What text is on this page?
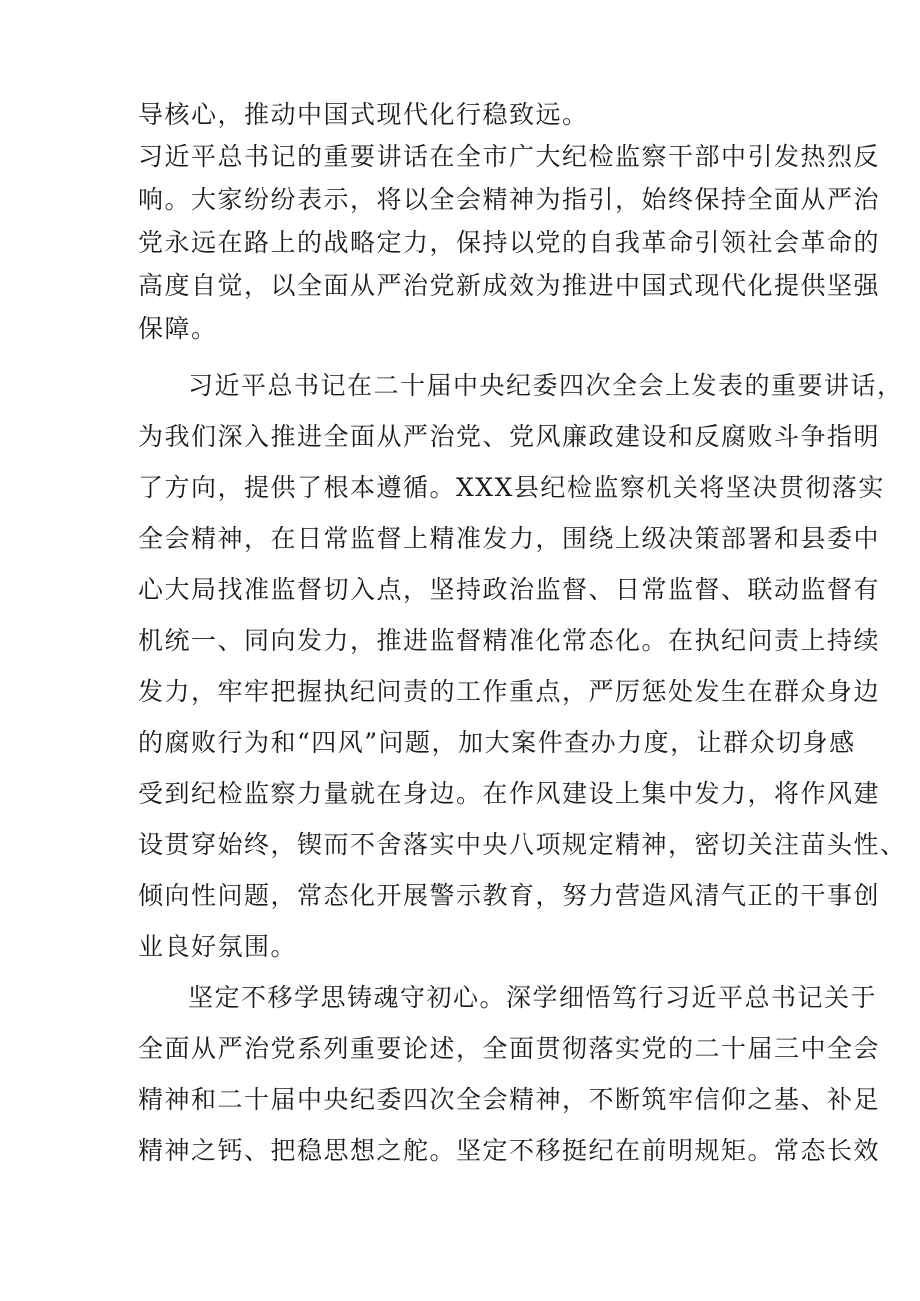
导核心，推动中国式现代化行稳致远。
习近平总书记的重要讲话在全市广大纪检监察干部中引发热烈反
响。大家纷纷表示，将以全会精神为指引，始终保持全面从严治
党永远在路上的战略定力，保持以党的自我革命引领社会革命的
高度自觉，以全面从严治党新成效为推进中国式现代化提供坚强
保障。
习近平总书记在二十届中央纪委四次全会上发表的重要讲话，
为我们深入推进全面从严治党、党风廉政建设和反腐败斗争指明
了方向，提供了根本遵循。XXX县纪检监察机关将坚决贯彻落实
全会精神，在日常监督上精准发力，围绕上级决策部署和县委中
心大局找准监督切入点，坚持政治监督、日常监督、联动监督有
机统一、同向发力，推进监督精准化常态化。在执纪问责上持续
发力，牢牢把握执纪问责的工作重点，严厉惩处发生在群众身边
的腐败行为和“四风”问题，加大案件查办力度，让群众切身感
受到纪检监察力量就在身边。在作风建设上集中发力，将作风建
设贯穿始终，锲而不舍落实中央八项规定精神，密切关注苗头性、
倾向性问题，常态化开展警示教育，努力营造风清气正的干事创
业良好氛围。
坚定不移学思铸魂守初心。深学细悟笃行习近平总书记关于
全面从严治党系列重要论述，全面贯彻落实党的二十届三中全会
精神和二十届中央纪委四次全会精神，不断筑牢信仰之基、补足
精神之钙、把稳思想之舵。坚定不移挺纪在前明规矩。常态长效
